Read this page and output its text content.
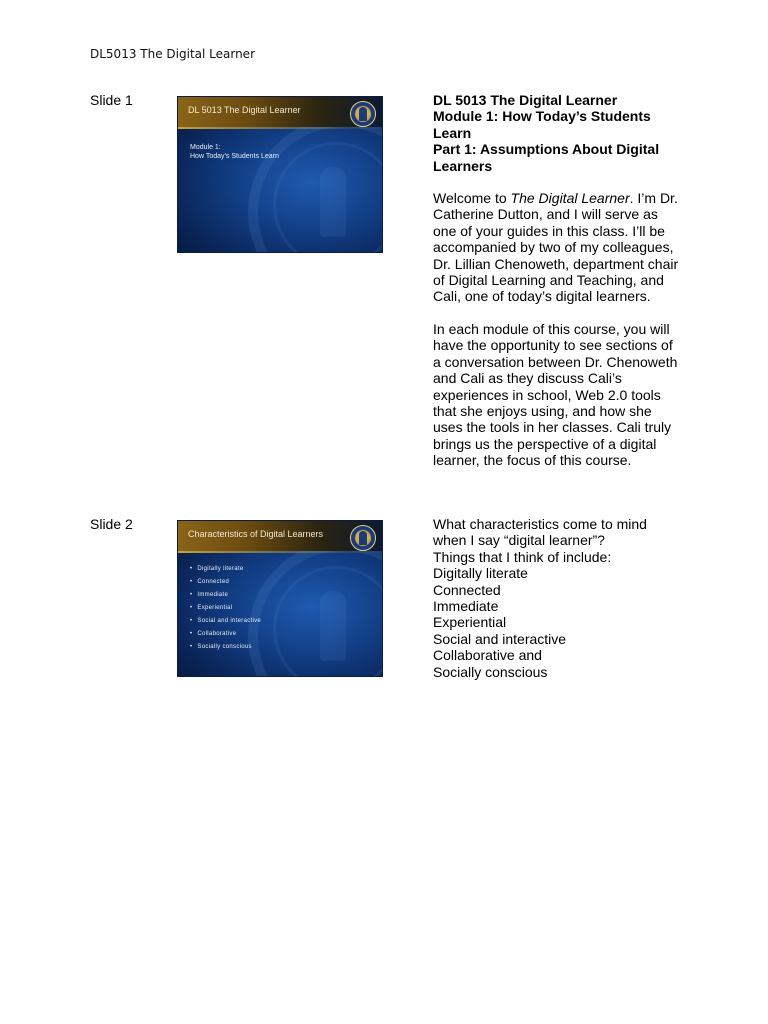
DL5013 The Digital Learner
Slide 1
DL 5013 The Digital Learner
Module 1:
How Today’s Students Learn
DL 5013 The Digital Learner
Module 1: How Today’s Students Learn
Part 1: Assumptions About Digital Learners

Welcome to The Digital Learner. I’m Dr. Catherine Dutton, and I will serve as one of your guides in this class. I’ll be accompanied by two of my colleagues, Dr. Lillian Chenoweth, department chair of Digital Learning and Teaching, and Cali, one of today’s digital learners.

In each module of this course, you will have the opportunity to see sections of a conversation between Dr. Chenoweth and Cali as they discuss Cali’s experiences in school, Web 2.0 tools that she enjoys using, and how she uses the tools in her classes. Cali truly brings us the perspective of a digital learner, the focus of this course.

Slide 2
Characteristics of Digital Learners
• Digitally literate
• Connected
• Immediate
• Experiential
• Social and interactive
• Collaborative
• Socially conscious

What characteristics come to mind when I say “digital learner”?

Things that I think of include:
Digitally literate
Connected
Immediate
Experiential
Social and interactive
Collaborative and
Socially conscious
